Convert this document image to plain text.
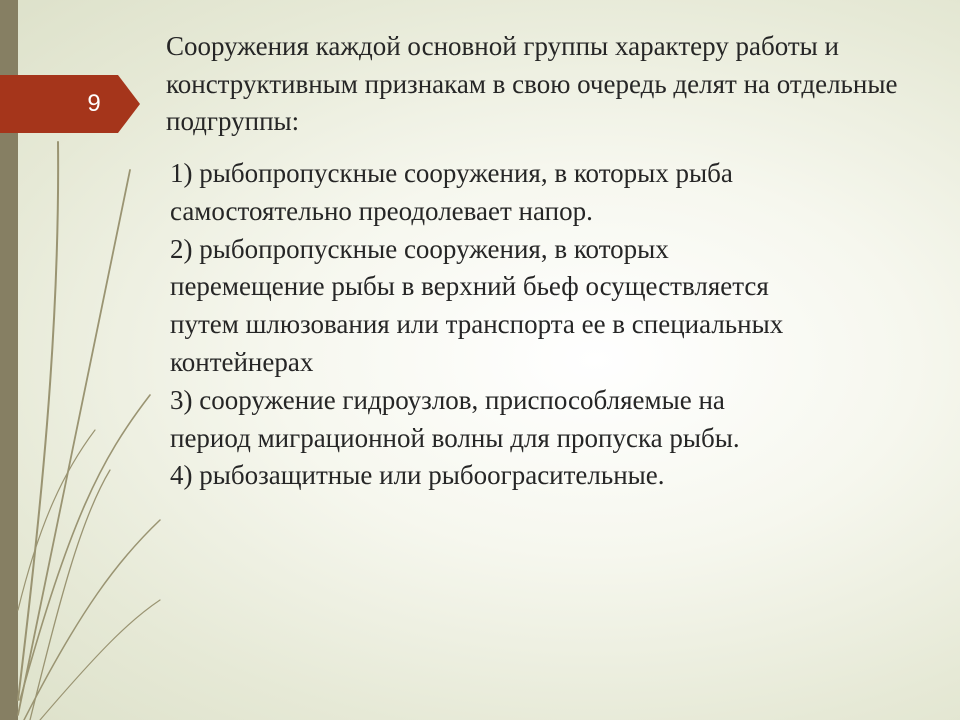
9

Сооружения каждой основной группы характеру работы и конструктивным признакам в свою очередь делят на отдельные подгруппы:

1) рыбопропускные сооружения, в которых рыба самостоятельно преодолевает напор.
2) рыбопропускные сооружения, в которых перемещение рыбы в верхний бьеф осуществляется путем шлюзования или транспорта ее в специальных контейнерах
3) сооружение гидроузлов, приспособляемые на период миграционной волны для пропуска рыбы.
4) рыбозащитные или рыбоограсительные.
